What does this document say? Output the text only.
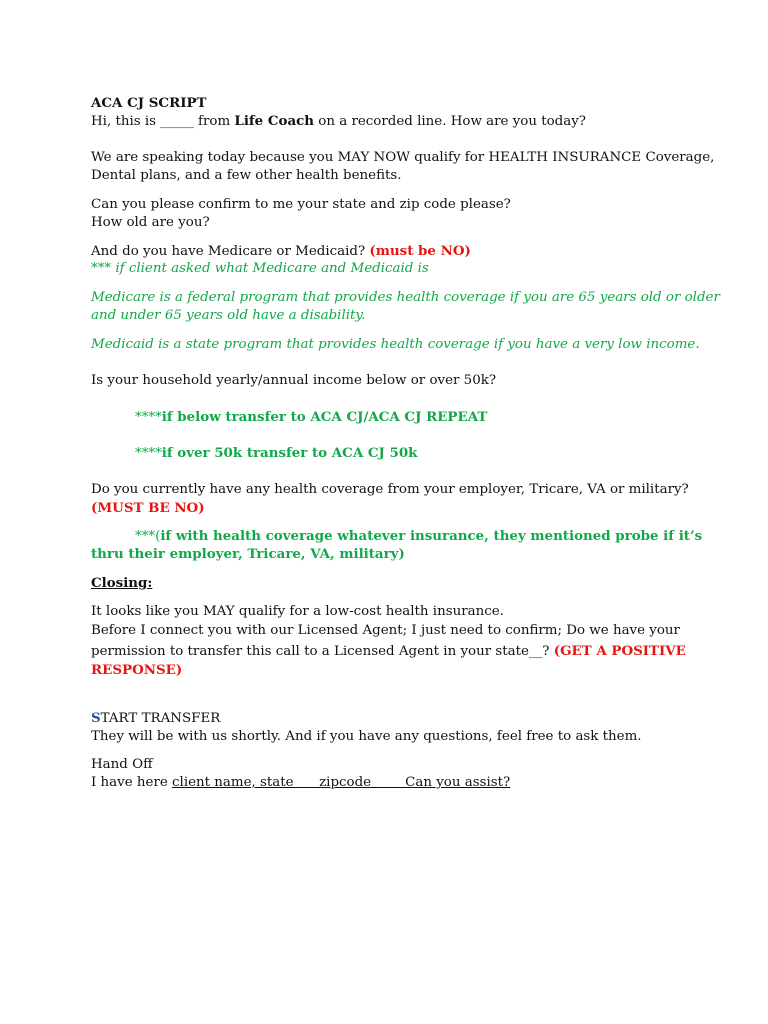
ACA CJ SCRIPT

Hi, this is _____ from Life Coach on a recorded line. How are you today?

We are speaking today because you MAY NOW qualify for HEALTH INSURANCE Coverage,

Dental plans, and a few other health benefits.

Can you please confirm to me your state and zip code please?

How old are you?

And do you have Medicare or Medicaid? (must be NO)

*** if client asked what Medicare and Medicaid is

Medicare is a federal program that provides health coverage if you are 65 years old or older

and under 65 years old have a disability.

Medicaid is a state program that provides health coverage if you have a very low income.

Is your household yearly/annual income below or over 50k?

****if below transfer to ACA CJ/ACA CJ REPEAT

****if over 50k transfer to ACA CJ 50k

Do you currently have any health coverage from your employer, Tricare, VA or military?

(MUST BE NO)

***(if with health coverage whatever insurance, they mentioned probe if it’s

thru their employer, Tricare, VA, military)

Closing:

It looks like you MAY qualify for a low-cost health insurance.

Before I connect you with our Licensed Agent; I just need to confirm; Do we have your

permission to transfer this call to a Licensed Agent in your state__? (GET A POSITIVE

RESPONSE)

START TRANSFER

They will be with us shortly. And if you have any questions, feel free to ask them.

Hand Off

I have here client name, state      zipcode        Can you assist?
